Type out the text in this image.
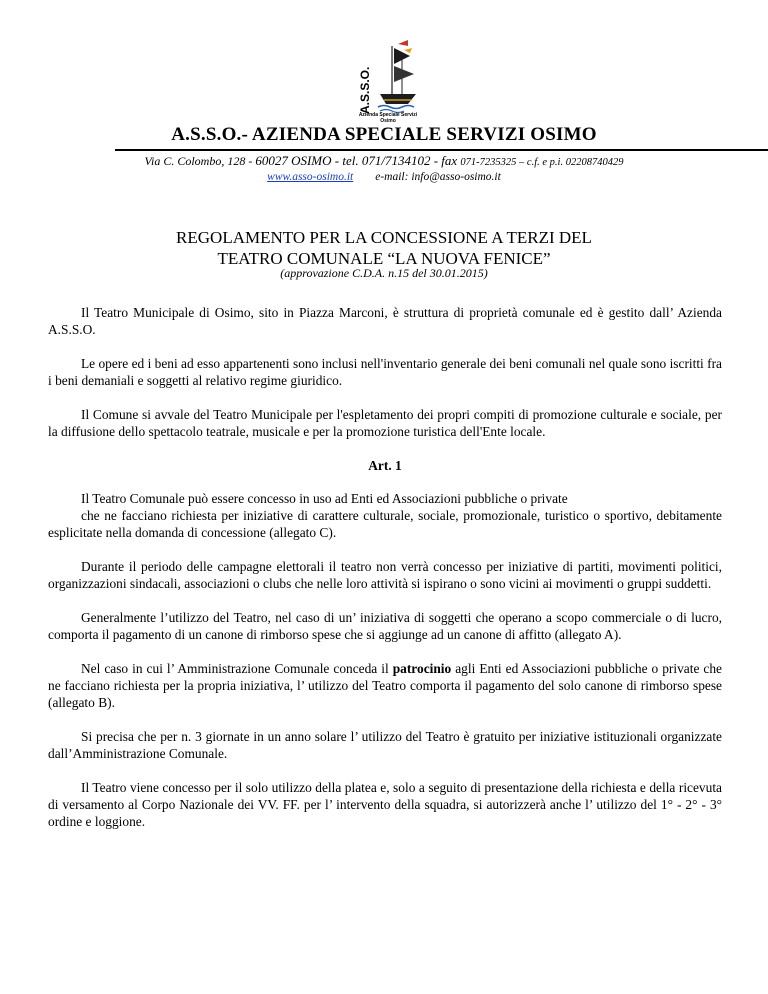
A.S.S.O.
Azienda Speciale Servizi
Osimo
A.S.S.O.- AZIENDA SPECIALE SERVIZI OSIMO
Via C. Colombo, 128 - 60027 OSIMO - tel. 071/7134102 - fax 071-7235325 – c.f. e p.i. 02208740429
www.asso-osimo.it e-mail: info@asso-osimo.it
REGOLAMENTO PER LA CONCESSIONE A TERZI DEL
TEATRO COMUNALE “LA NUOVA FENICE”
(approvazione C.D.A. n.15 del 30.01.2015)

Il Teatro Municipale di Osimo, sito in Piazza Marconi, è struttura di proprietà comunale ed è gestito dall’ Azienda A.S.S.O.

Le opere ed i beni ad esso appartenenti sono inclusi nell'inventario generale dei beni comunali nel quale sono iscritti fra i beni demaniali e soggetti al relativo regime giuridico.

Il Comune si avvale del Teatro Municipale per l'espletamento dei propri compiti di promozione culturale e sociale, per la diffusione dello spettacolo teatrale, musicale e per la promozione turistica dell'Ente locale.

Art. 1

Il Teatro Comunale può essere concesso in uso ad Enti ed Associazioni pubbliche o private

che ne facciano richiesta per iniziative di carattere culturale, sociale, promozionale, turistico o sportivo, debitamente esplicitate nella domanda di concessione (allegato C).

Durante il periodo delle campagne elettorali il teatro non verrà concesso per iniziative di partiti, movimenti politici, organizzazioni sindacali, associazioni o clubs che nelle loro attività si ispirano o sono vicini ai movimenti o gruppi suddetti.

Generalmente l’utilizzo del Teatro, nel caso di un’ iniziativa di soggetti che operano a scopo commerciale o di lucro, comporta il pagamento di un canone di rimborso spese che si aggiunge ad un canone di affitto (allegato A).

Nel caso in cui l’ Amministrazione Comunale conceda il patrocinio agli Enti ed Associazioni pubbliche o private che ne facciano richiesta per la propria iniziativa, l’ utilizzo del Teatro comporta il pagamento del solo canone di rimborso spese (allegato B).

Si precisa che per n. 3 giornate in un anno solare l’ utilizzo del Teatro è gratuito per iniziative istituzionali organizzate dall’Amministrazione Comunale.

Il Teatro viene concesso per il solo utilizzo della platea e, solo a seguito di presentazione della richiesta e della ricevuta di versamento al Corpo Nazionale dei VV. FF. per l’ intervento della squadra, si autorizzerà anche l’ utilizzo del 1° - 2° - 3° ordine e loggione.
